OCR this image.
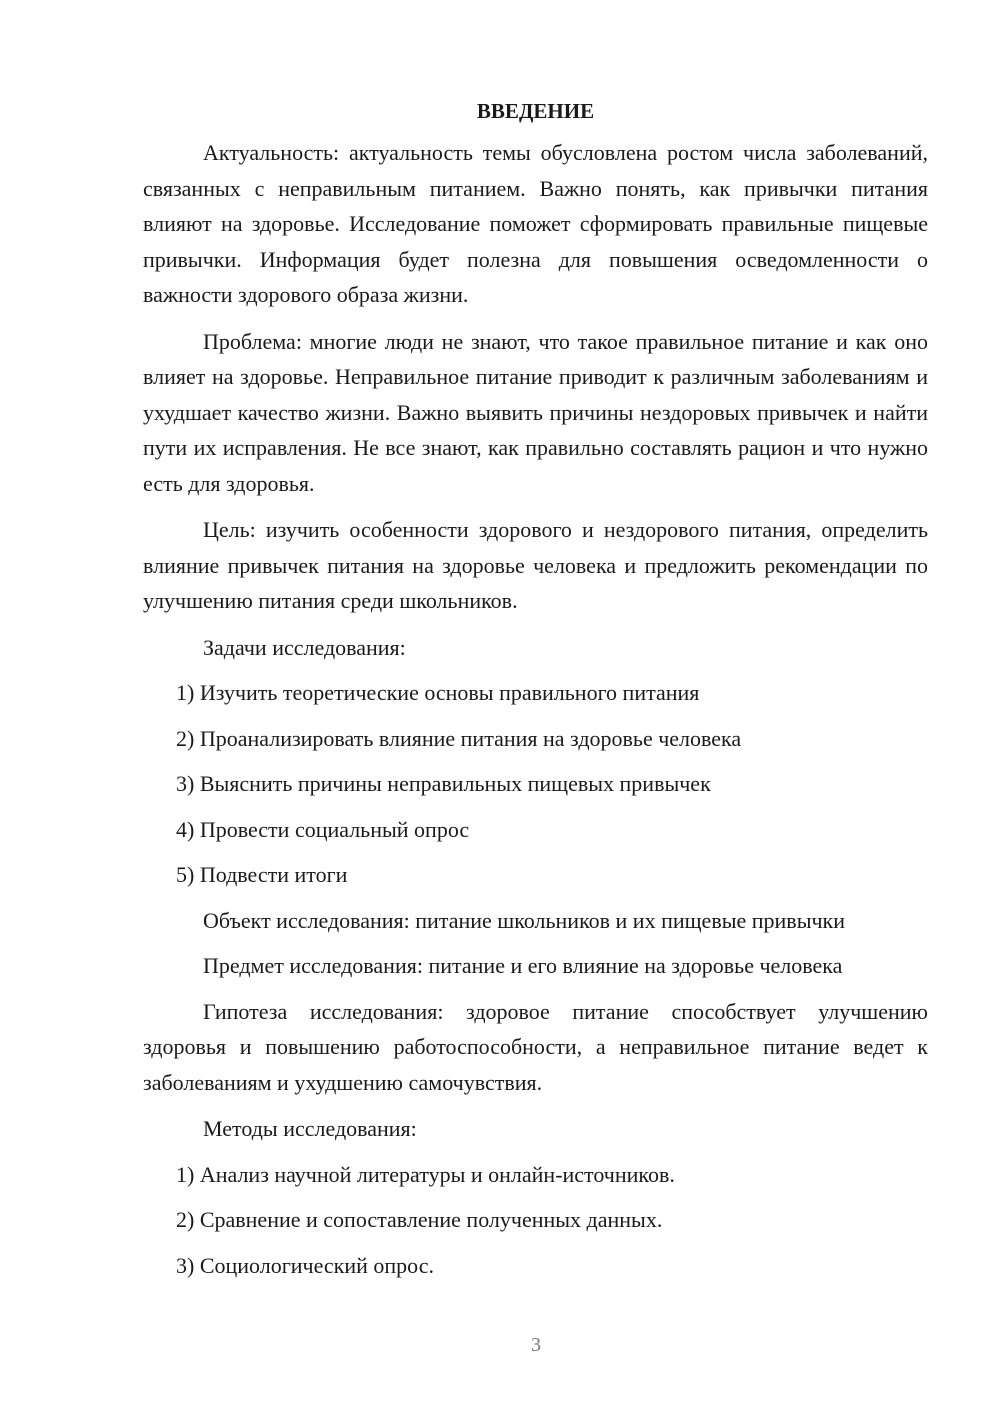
ВВЕДЕНИЕ

Актуальность: актуальность темы обусловлена ростом числа заболеваний, связанных с неправильным питанием. Важно понять, как привычки питания влияют на здоровье. Исследование поможет сформировать правильные пищевые привычки. Информация будет полезна для повышения осведомленности о важности здорового образа жизни.

Проблема: многие люди не знают, что такое правильное питание и как оно влияет на здоровье. Неправильное питание приводит к различным заболеваниям и ухудшает качество жизни. Важно выявить причины нездоровых привычек и найти пути их исправления. Не все знают, как правильно составлять рацион и что нужно есть для здоровья.

Цель: изучить особенности здорового и нездорового питания, определить влияние привычек питания на здоровье человека и предложить рекомендации по улучшению питания среди школьников.

Задачи исследования:
1) Изучить теоретические основы правильного питания
2) Проанализировать влияние питания на здоровье человека
3) Выяснить причины неправильных пищевых привычек
4) Провести социальный опрос
5) Подвести итоги
Объект исследования: питание школьников и их пищевые привычки
Предмет исследования: питание и его влияние на здоровье человека

Гипотеза исследования: здоровое питание способствует улучшению здоровья и повышению работоспособности, а неправильное питание ведет к заболеваниям и ухудшению самочувствия.

Методы исследования:
1) Анализ научной литературы и онлайн-источников.
2) Сравнение и сопоставление полученных данных.
3) Социологический опрос.
3
